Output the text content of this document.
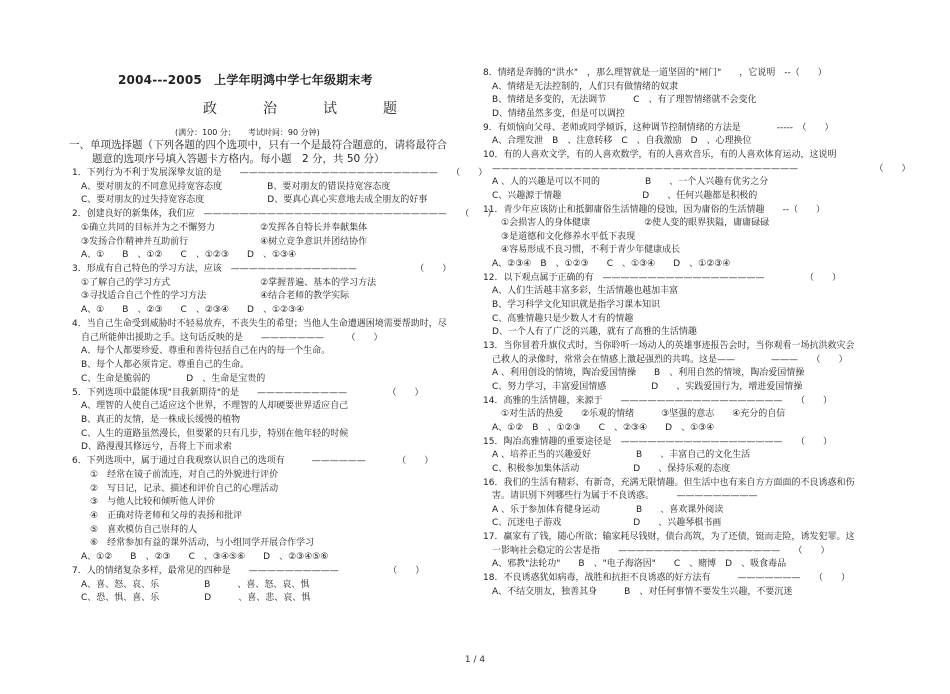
2004---2005　上学年明鸿中学七年级期末考
政　治　试　题
(满分：100 分；　　考试时间：90 分钟)
一、单项选择题（下列各题的四个选项中，只有一个是最符合题意的，请将最符合
题意的选项序号填入答题卡方格内。每小题　2 分，共 50 分）
1．下列行为不利于发展深挚友谊的是　　——————————————————————　　（　　）
　A、要对朋友的不同意见持宽容态度　　　　　B、要对朋友的错误持宽容态度
　C、要对朋友的过失持宽容态度　　　　　　　D、要真心真心实意地去成全朋友的好事
2．创建良好的新集体，我们应　———————————————————————————　　（　　）
　①确立共同的目标并为之不懈努力　　　　　②发挥各自特长并奉献集体
　③发扬合作精神并互助前行　　　　　　　　④树立竞争意识并团结协作
　A、①　　B　、①②　　C　、①②③　　D　、①③④
3．形成有自己特色的学习方法，应该　——————————————　　　　　　　（　　）
　①了解自己的学习方式　　　　　　　　　　②掌握普遍、基本的学习方法
　③寻找适合自己个性的学习方法　　　　　　④结合老师的教学实际
　A、①　　B　、②③　　C　、②③④　　D　、①②③④
4．当自己生命受到威胁时不轻易放弃，不丧失生的希望；当他人生命遭遇困境需要帮助时，尽
　自己所能伸出援助之手。这句话反映的是　　———————　　　（　　）
　A、每个人都要珍爱、尊重和善待包括自己在内的每一个生命。
　B、每个人都必须肯定、尊重自己的生命。
　C、生命是脆弱的　　　　D　、生命是宝贵的
5．下列选项中最能体现"目我新期待"的是　　——————————　　　　　（　　）
　A、理智的人使自己适应这个世界，不理智的人却硬要世界适应自己
　B、真正的友情，是一株成长缓慢的植物
　C、人生的道路虽然漫长，但要紧的只有几步，特别在他年轻的时候
　D、路漫漫其修远兮，吾将上下而求索
6．下列选项中，属于通过自我观察认识自己的选项有　　　——————　　　　（　　）
　　①　经常在镜子前流连，对自己的外貌进行评价
　　②　写日记，记录、描述和评价自己的心理活动
　　③　与他人比较和倾听他人评价
　　④　正确对待老师和父母的表扬和批评
　　⑤　喜欢模仿自己崇拜的人
　　⑥　经常参加有益的课外活动，与小组同学开展合作学习
　A、①②　　B　、②③　　C　、③④⑤⑥　　D　、②③④⑤⑥
7．人的情绪复杂多样，最常见的四种是　　——————————　　　　　　（　　）
　A、喜、怒、哀、乐　　　　　B　　　、喜、怒、哀、惧
　C、恐、惧、喜、乐　　　　　D　　　、喜、悲、哀、惧
8．情绪是奔腾的"洪水"　，那么理智就是一道坚固的"闸门"　　，它说明　--（　　）
　A、情绪是无法控制的，人们只有做情绪的奴隶
　B、情绪是多变的，无法调节　　　C　、有了理智情绪就不会变化
　D、情绪虽然多变，但是可以调控
9．有烦恼向父母、老师或同学倾诉，这种调节控制情绪的方法是　　　　-----　（　　）
　A、合理发泄　B　、注意转移　C　、自我激励　D　、心理换位
10．有的人喜欢文学，有的人喜欢数学，有的人喜欢音乐，有的人喜欢体育运动，这说明
　——————————————————————————————————　　　　　　　　　（　　）
　A 、人的兴趣是可以不同的　　　　　B　　、一个人兴趣有优劣之分
　C、兴趣源于情趣　　　　　　　　　D　　、任何兴趣都是积极的
11．青少年应该防止和抵御庸俗生活情趣的侵蚀，因为庸俗的生活情趣　　--（　　）
　　①会损害人的身体健康　　　　　　②使人变的眼界狭隘，庸庸碌碌
　　③是道德和文化修养水平低下表现
　　④容易形成不良习惯，不利于青少年健康成长
　A、②③④　B　、①②③　　C　、①③④　　D　、①②③④
12．以下观点属于正确的有　——————————————————　　　　　（　　）
　A、人们生活越丰富多彩，生活情趣也越加丰富
　B、学习科学文化知识就是指学习课本知识
　C、高雅情趣只是少数人才有的情趣
　D、一个人有了广泛的兴趣，就有了高雅的生活情趣
13．当你冒着升旗仪式时，当你聆听一场动人的英雄事迹报告会时，当你观看一场抗洪救灾会
　己救人的录像时，常常会在情感上激起强烈的共鸣。这是——　　　　———　　（　　）
　A 、利用创设的情境，陶冶爱国情操　　B　、利用自然的情境，陶冶爱国情操
　C、努力学习，丰富爱国情感　　　　　D　　、实践爱国行为，增进爱国情操
14．高雅的生活情趣，来源于　　——————————————————　　（　　）
　　①对生活的热爱　　②乐观的情绪　　　③坚强的意志　　④充分的自信
　A、①②　B　、①②③　　C　、②③④　　D　、①③④
15．陶冶高雅情趣的重要途径是　——————————————————　　（　　）
　A 、培养正当的兴趣爱好　　　　　B　　、丰富自己的文化生活
　C、积极参加集体活动　　　　　　D　　、保持乐观的态度
16．我们的生活有精彩、有新奇，充满无限情趣。但生活中也有来自方方面面的不良诱惑和伤
　害。请识别下列哪些行为属于不良诱惑。　　　—————————
　A 、乐于参加体育健身运动　　　　B　　、喜欢课外阅读
　C、沉迷电子游戏　　　　　　　　D　　、兴趣琴棋书画
17．赢家有了钱，随心所欲；输家耗尽钱财，债台高筑，为了还债，铤而走险，诱发犯罪。这
　一影响社会稳定的公害是指　　——————————————————　　（　　）
　A、邪教"法轮功"　　B　、"电子海洛因"　　C　、赌博　D　、吸食毒品
18．不良诱惑犹如病毒，战胜和抗拒不良诱惑的好方法有　　　———————　　（　　）
　A、不结交朋友，独善其身　　　B　、对任何事情不要发生兴趣，不要沉迷
1 / 4
